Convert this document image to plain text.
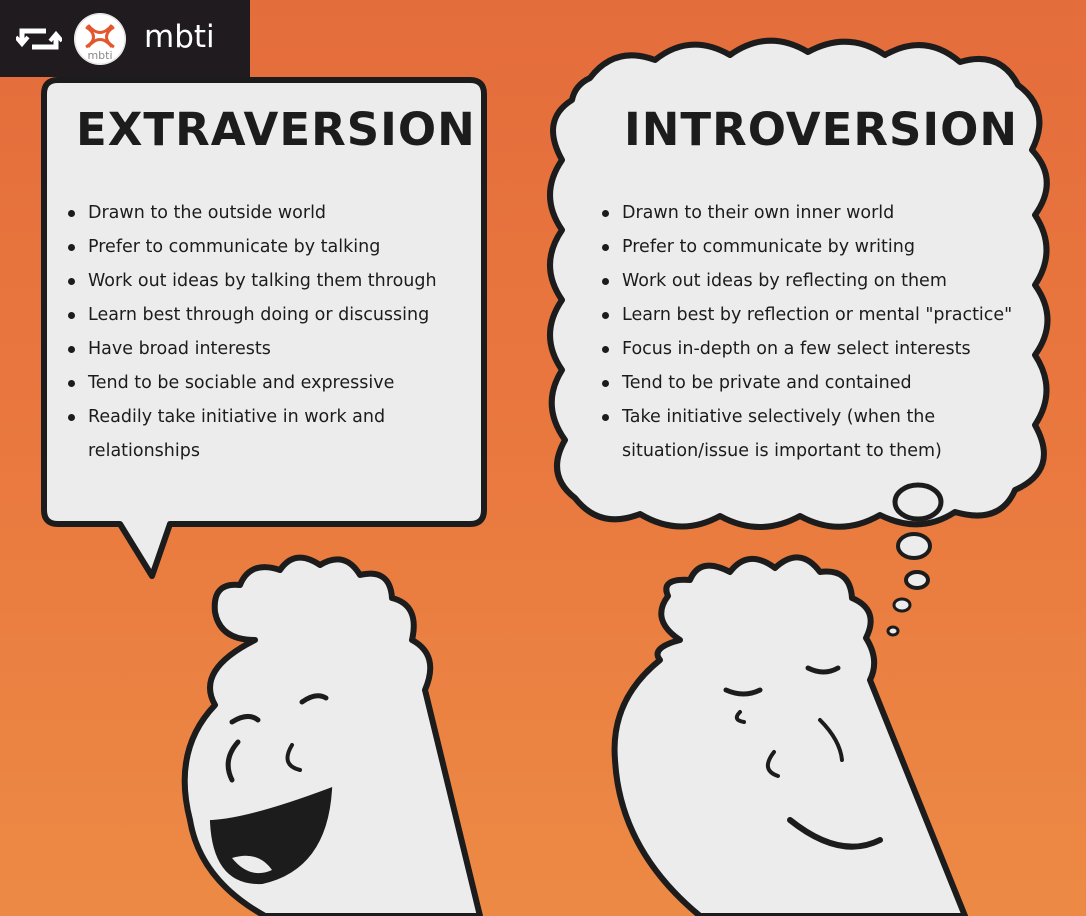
mbti
mbti
EXTRAVERSION
Drawn to the outside world
Prefer to communicate by talking
Work out ideas by talking them through
Learn best through doing or discussing
Have broad interests
Tend to be sociable and expressive
Readily take initiative in work and relationships
INTROVERSION
Drawn to their own inner world
Prefer to communicate by writing
Work out ideas by reflecting on them
Learn best by reflection or mental "practice"
Focus in-depth on a few select interests
Tend to be private and contained
Take initiative selectively (when the situation/issue is important to them)
